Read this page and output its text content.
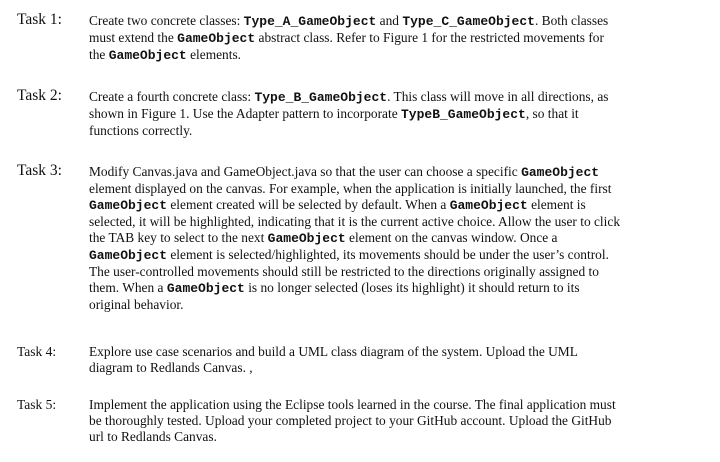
Task 1: Create two concrete classes: Type_A_GameObject and Type_C_GameObject. Both classes
must extend the GameObject abstract class. Refer to Figure 1 for the restricted movements for
the GameObject elements.
Task 2: Create a fourth concrete class: Type_B_GameObject. This class will move in all directions, as
shown in Figure 1. Use the Adapter pattern to incorporate TypeB_GameObject, so that it
functions correctly.
Task 3: Modify Canvas.java and GameObject.java so that the user can choose a specific GameObject
element displayed on the canvas. For example, when the application is initially launched, the first
GameObject element created will be selected by default. When a GameObject element is
selected, it will be highlighted, indicating that it is the current active choice. Allow the user to click
the TAB key to select to the next GameObject element on the canvas window. Once a
GameObject element is selected/highlighted, its movements should be under the user’s control.
The user-controlled movements should still be restricted to the directions originally assigned to
them. When a GameObject is no longer selected (loses its highlight) it should return to its
original behavior.
Task 4: Explore use case scenarios and build a UML class diagram of the system. Upload the UML
diagram to Redlands Canvas. ,
Task 5: Implement the application using the Eclipse tools learned in the course. The final application must
be thoroughly tested. Upload your completed project to your GitHub account. Upload the GitHub
url to Redlands Canvas.
